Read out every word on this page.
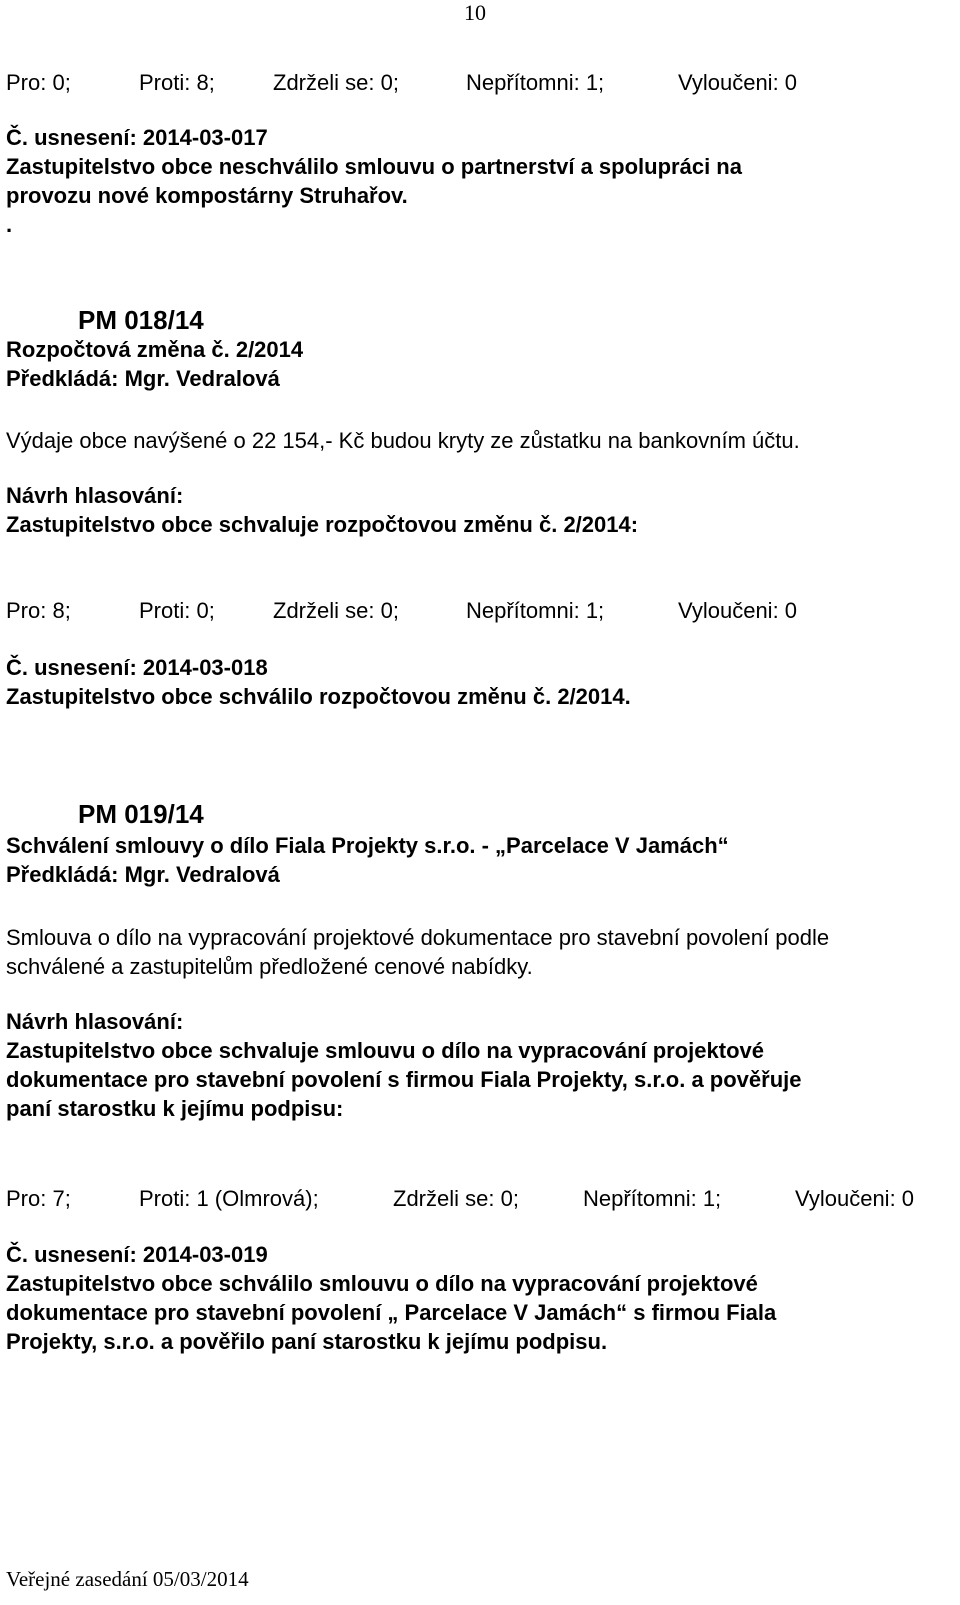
10
Pro: 0;	Proti: 8;	Zdrželi se: 0;	Nepřítomni: 1;	Vyloučeni: 0
Č. usnesení: 2014-03-017
Zastupitelstvo obce neschválilo smlouvu o partnerství a spolupráci na
provozu nové kompostárny Struhařov.
.
PM 018/14
Rozpočtová změna č. 2/2014
Předkládá: Mgr. Vedralová
Výdaje obce navýšené o 22 154,- Kč budou kryty ze zůstatku na bankovním účtu.
Návrh hlasování:
Zastupitelstvo obce schvaluje rozpočtovou změnu č. 2/2014:
Pro: 8;	Proti: 0;	Zdrželi se: 0;	Nepřítomni: 1;	Vyloučeni: 0
Č. usnesení: 2014-03-018
Zastupitelstvo obce schválilo rozpočtovou změnu č. 2/2014.
PM 019/14
Schválení smlouvy o dílo Fiala Projekty s.r.o. - „Parcelace V Jamách“
Předkládá: Mgr. Vedralová
Smlouva o dílo na vypracování projektové dokumentace pro stavební povolení podle
schválené a zastupitelům předložené cenové nabídky.
Návrh hlasování:
Zastupitelstvo obce schvaluje smlouvu o dílo na vypracování projektové
dokumentace pro stavební povolení s firmou Fiala Projekty, s.r.o. a pověřuje
paní starostku k jejímu podpisu:
Pro: 7;	Proti: 1 (Olmrová);	Zdrželi se: 0;	Nepřítomni: 1;	Vyloučeni: 0
Č. usnesení: 2014-03-019
Zastupitelstvo obce schválilo smlouvu o dílo na vypracování projektové
dokumentace pro stavební povolení „ Parcelace V Jamách“ s firmou Fiala
Projekty, s.r.o. a pověřilo paní starostku k jejímu podpisu.
Veřejné zasedání 05/03/2014
